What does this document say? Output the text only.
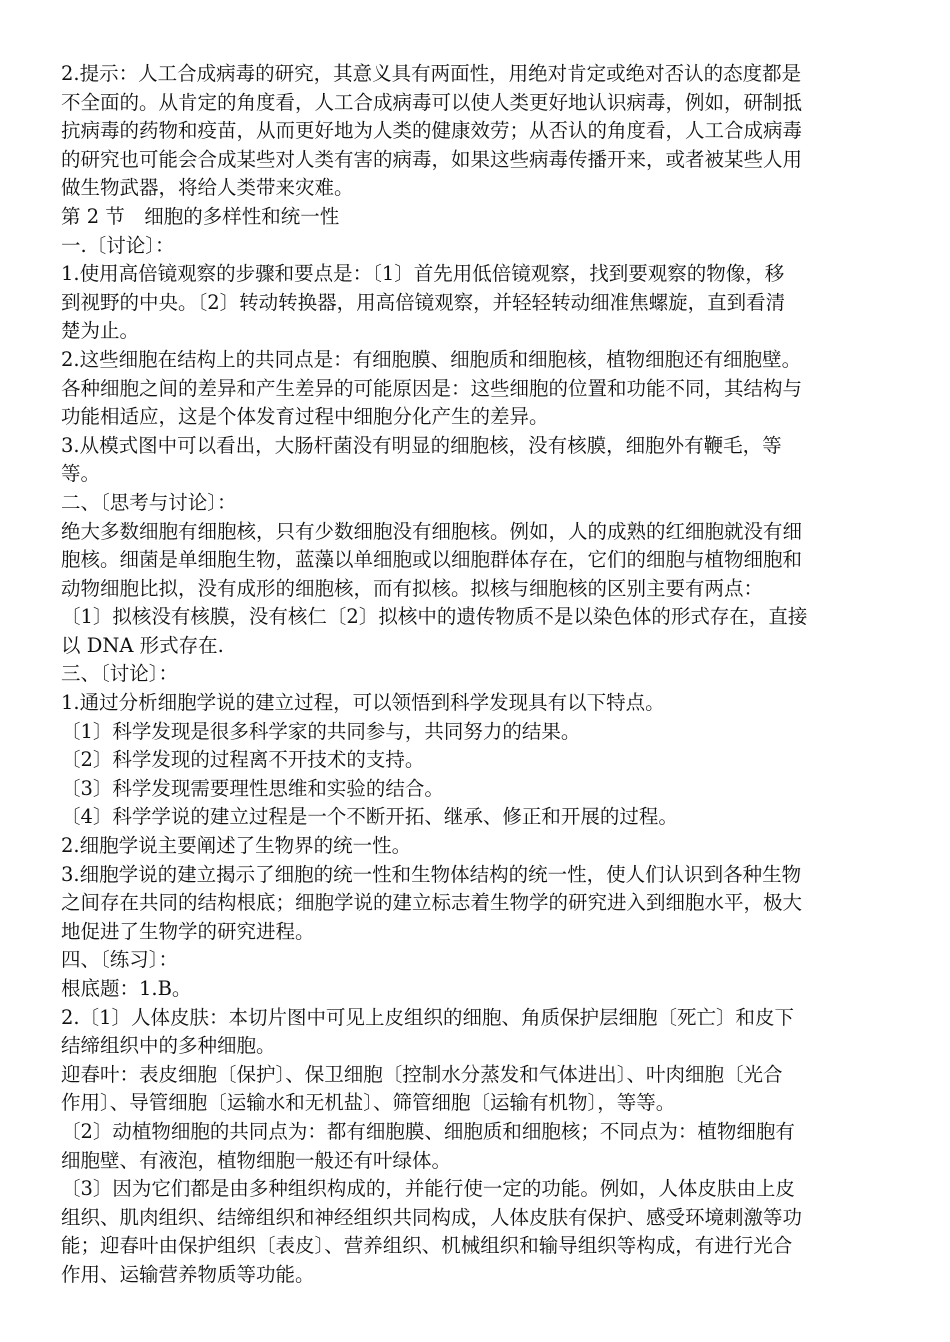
2.提示：人工合成病毒的研究，其意义具有两面性，用绝对肯定或绝对否认的态度都是
不全面的。从肯定的角度看，人工合成病毒可以使人类更好地认识病毒，例如，研制抵
抗病毒的药物和疫苗，从而更好地为人类的健康效劳；从否认的角度看，人工合成病毒
的研究也可能会合成某些对人类有害的病毒，如果这些病毒传播开来，或者被某些人用
做生物武器，将给人类带来灾难。
第 2 节　细胞的多样性和统一性
一.〔讨论〕：
1.使用高倍镜观察的步骤和要点是：〔1〕首先用低倍镜观察，找到要观察的物像，移
到视野的中央。〔2〕转动转换器，用高倍镜观察，并轻轻转动细准焦螺旋，直到看清
楚为止。
2.这些细胞在结构上的共同点是：有细胞膜、细胞质和细胞核，植物细胞还有细胞壁。
各种细胞之间的差异和产生差异的可能原因是：这些细胞的位置和功能不同，其结构与
功能相适应，这是个体发育过程中细胞分化产生的差异。
3.从模式图中可以看出，大肠杆菌没有明显的细胞核，没有核膜，细胞外有鞭毛，等
等。
二、〔思考与讨论〕：
绝大多数细胞有细胞核，只有少数细胞没有细胞核。例如，人的成熟的红细胞就没有细
胞核。细菌是单细胞生物，蓝藻以单细胞或以细胞群体存在，它们的细胞与植物细胞和
动物细胞比拟，没有成形的细胞核，而有拟核。拟核与细胞核的区别主要有两点：
〔1〕拟核没有核膜，没有核仁〔2〕拟核中的遗传物质不是以染色体的形式存在，直接
以 DNA 形式存在.
三、〔讨论〕：
1.通过分析细胞学说的建立过程，可以领悟到科学发现具有以下特点。
〔1〕科学发现是很多科学家的共同参与，共同努力的结果。
〔2〕科学发现的过程离不开技术的支持。
〔3〕科学发现需要理性思维和实验的结合。
〔4〕科学学说的建立过程是一个不断开拓、继承、修正和开展的过程。
2.细胞学说主要阐述了生物界的统一性。
3.细胞学说的建立揭示了细胞的统一性和生物体结构的统一性，使人们认识到各种生物
之间存在共同的结构根底；细胞学说的建立标志着生物学的研究进入到细胞水平，极大
地促进了生物学的研究进程。
四、〔练习〕：
根底题：1.B。
2.〔1〕人体皮肤：本切片图中可见上皮组织的细胞、角质保护层细胞〔死亡〕和皮下
结缔组织中的多种细胞。
迎春叶：表皮细胞〔保护〕、保卫细胞〔控制水分蒸发和气体进出〕、叶肉细胞〔光合
作用〕、导管细胞〔运输水和无机盐〕、筛管细胞〔运输有机物〕，等等。
〔2〕动植物细胞的共同点为：都有细胞膜、细胞质和细胞核；不同点为：植物细胞有
细胞壁、有液泡，植物细胞一般还有叶绿体。
〔3〕因为它们都是由多种组织构成的，并能行使一定的功能。例如，人体皮肤由上皮
组织、肌肉组织、结缔组织和神经组织共同构成，人体皮肤有保护、感受环境刺激等功
能；迎春叶由保护组织〔表皮〕、营养组织、机械组织和输导组织等构成，有进行光合
作用、运输营养物质等功能。
